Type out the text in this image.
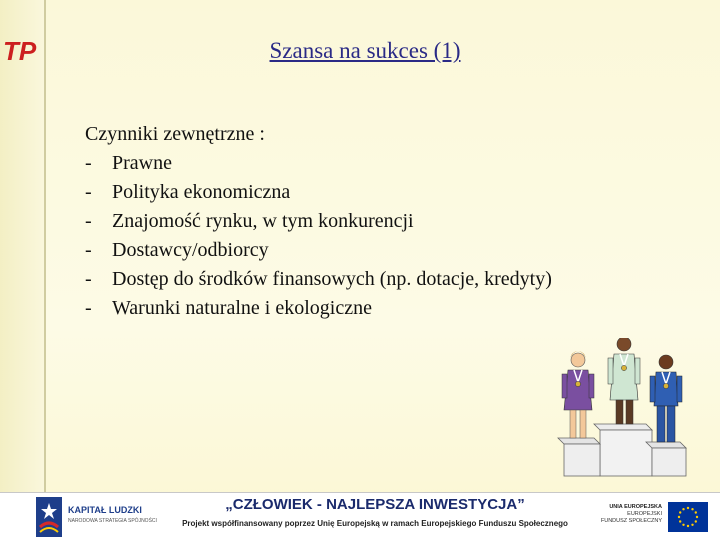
TP	Szansa na sukces (1)
Czynniki zewnętrzne :
-	Prawne
-	Polityka ekonomiczna
-	Znajomość rynku, w tym konkurencji
-	Dostawcy/odbiorcy
-	Dostęp do środków finansowych (np. dotacje, kredyty)
-	Warunki naturalne i ekologiczne
KAPITAŁ LUDZKI
NARODOWA STRATEGIA SPÓJNOŚCI
„CZŁOWIEK - NAJLEPSZA INWESTYCJA”
Projekt współfinansowany poprzez Unię Europejską w ramach Europejskiego Funduszu Społecznego
UNIA EUROPEJSKA
EUROPEJSKI
FUNDUSZ SPOŁECZNY
